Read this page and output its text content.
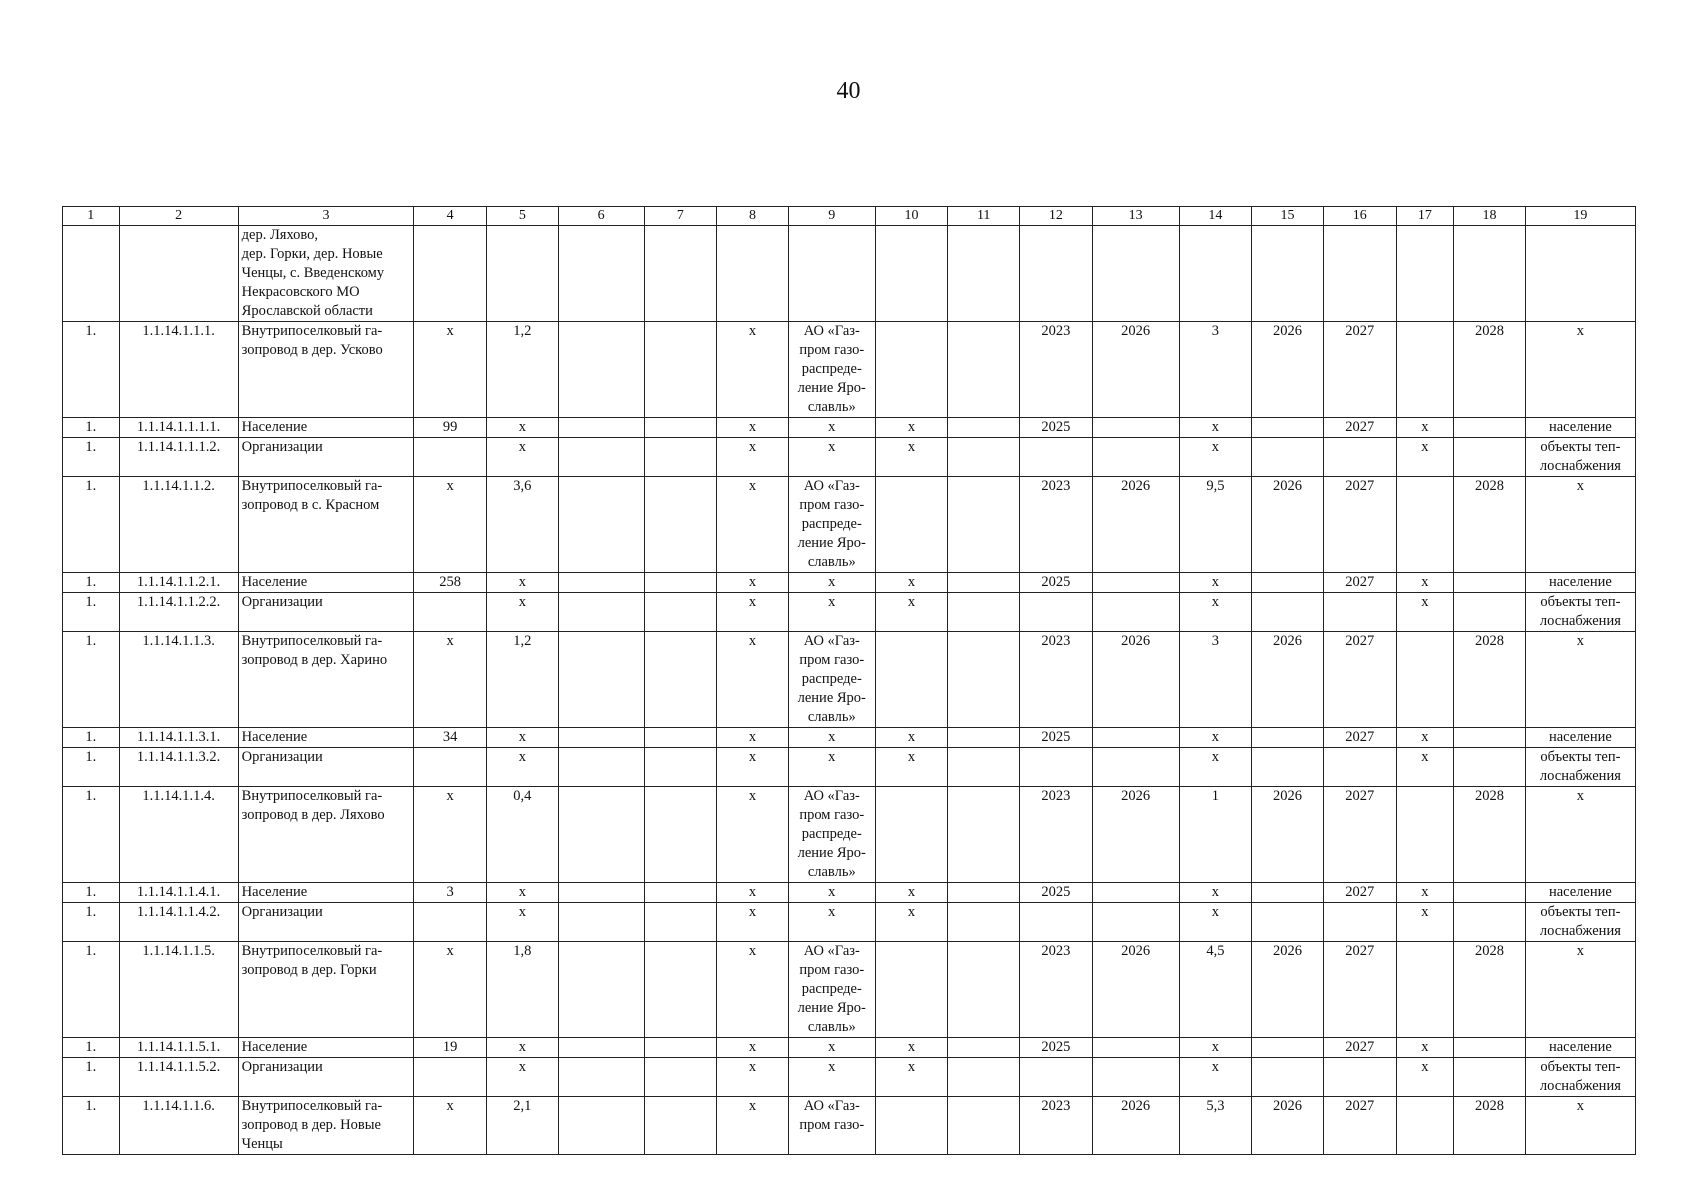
40
1	2	3	4	5	6	7	8	9	10	11	12	13	14	15	16	17	18	19
		дер. Ляхово,
дер. Горки, дер. Новые
Ченцы, с. Введенскому
Некрасовского МО
Ярославской области																
1.	1.1.14.1.1.1.	Внутрипоселковый га-
зопровод в дер. Усково	х	1,2			х	АО «Газ-
пром газо-
распреде-
ление Яро-
славль»			2023	2026	3	2026	2027		2028	х
1.	1.1.14.1.1.1.1.	Население	99	х			х	х	х		2025		х		2027	х		население
1.	1.1.14.1.1.1.2.	Организации		х			х	х	х				х			х		объекты теп-
лоснабжения
1.	1.1.14.1.1.2.	Внутрипоселковый га-
зопровод в с. Красном	х	3,6			х	АО «Газ-
пром газо-
распреде-
ление Яро-
славль»			2023	2026	9,5	2026	2027		2028	х
1.	1.1.14.1.1.2.1.	Население	258	х			х	х	х		2025		х		2027	х		население
1.	1.1.14.1.1.2.2.	Организации		х			х	х	х				х			х		объекты теп-
лоснабжения
1.	1.1.14.1.1.3.	Внутрипоселковый га-
зопровод в дер. Харино	х	1,2			х	АО «Газ-
пром газо-
распреде-
ление Яро-
славль»			2023	2026	3	2026	2027		2028	х
1.	1.1.14.1.1.3.1.	Население	34	х			х	х	х		2025		х		2027	х		население
1.	1.1.14.1.1.3.2.	Организации		х			х	х	х				х			х		объекты теп-
лоснабжения
1.	1.1.14.1.1.4.	Внутрипоселковый га-
зопровод в дер. Ляхово	х	0,4			х	АО «Газ-
пром газо-
распреде-
ление Яро-
славль»			2023	2026	1	2026	2027		2028	х
1.	1.1.14.1.1.4.1.	Население	3	х			х	х	х		2025		х		2027	х		население
1.	1.1.14.1.1.4.2.	Организации		х			х	х	х				х			х		объекты теп-
лоснабжения
1.	1.1.14.1.1.5.	Внутрипоселковый га-
зопровод в дер. Горки	х	1,8			х	АО «Газ-
пром газо-
распреде-
ление Яро-
славль»			2023	2026	4,5	2026	2027		2028	х
1.	1.1.14.1.1.5.1.	Население	19	х			х	х	х		2025		х		2027	х		население
1.	1.1.14.1.1.5.2.	Организации		х			х	х	х				х			х		объекты теп-
лоснабжения
1.	1.1.14.1.1.6.	Внутрипоселковый га-
зопровод в дер. Новые
Ченцы	х	2,1			х	АО «Газ-
пром газо-			2023	2026	5,3	2026	2027		2028	х
